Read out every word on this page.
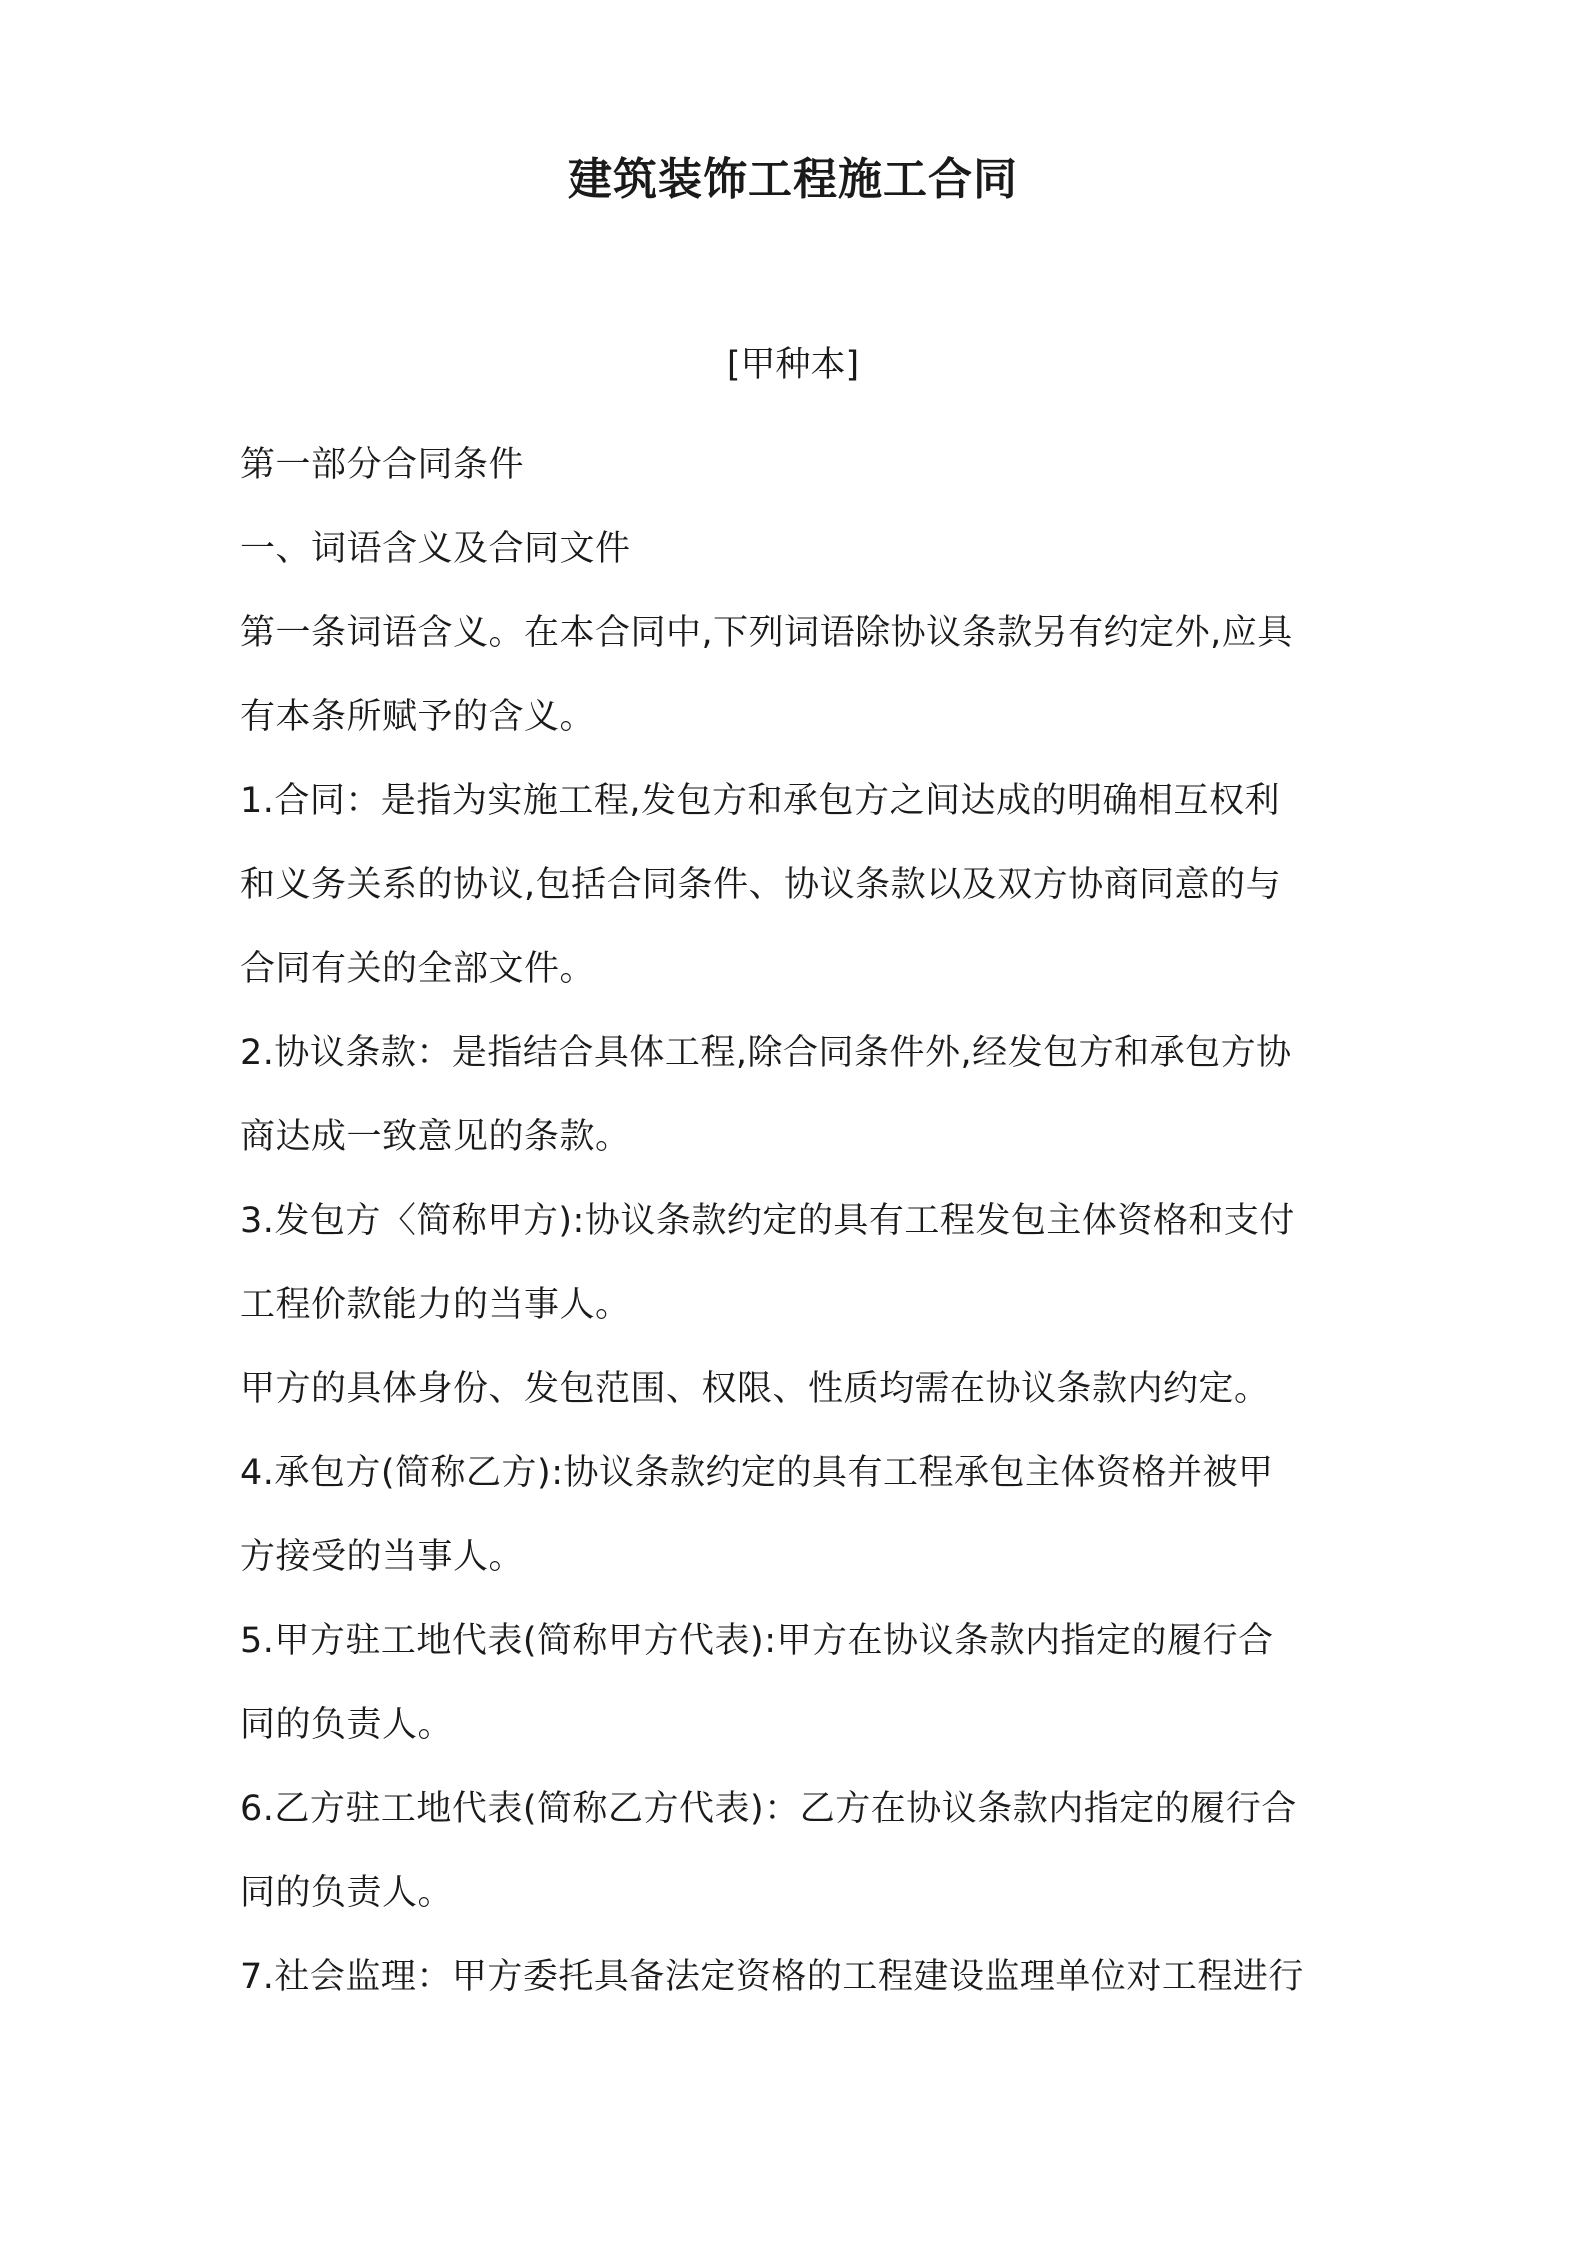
建筑装饰工程施工合同
[甲种本]

第一部分合同条件

一、词语含义及合同文件

第一条词语含义。在本合同中,下列词语除协议条款另有约定外,应具

有本条所赋予的含义。

1.合同：是指为实施工程,发包方和承包方之间达成的明确相互权利

和义务关系的协议,包括合同条件、协议条款以及双方协商同意的与

合同有关的全部文件。

2.协议条款：是指结合具体工程,除合同条件外,经发包方和承包方协

商达成一致意见的条款。

3.发包方〈简称甲方):协议条款约定的具有工程发包主体资格和支付

工程价款能力的当事人。

甲方的具体身份、发包范围、权限、性质均需在协议条款内约定。

4.承包方(简称乙方):协议条款约定的具有工程承包主体资格并被甲

方接受的当事人。

5.甲方驻工地代表(简称甲方代表):甲方在协议条款内指定的履行合

同的负责人。

6.乙方驻工地代表(简称乙方代表)：乙方在协议条款内指定的履行合

同的负责人。

7.社会监理：甲方委托具备法定资格的工程建设监理单位对工程进行
